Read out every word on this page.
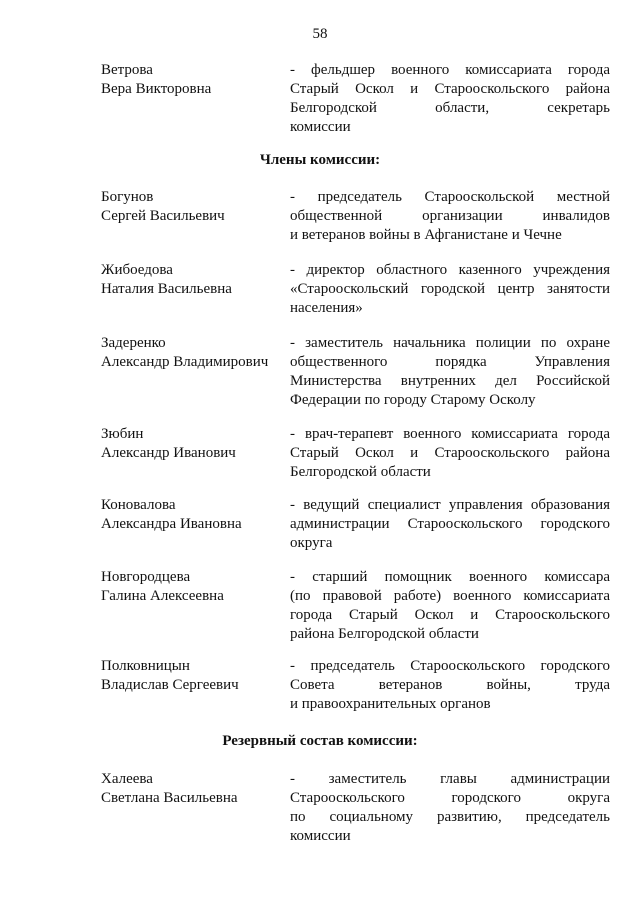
58
Ветрова
Вера Викторовна
- фельдшер военного комиссариата города
Старый Оскол и Старооскольского района
Белгородской области, секретарь
комиссии
Члены комиссии:
Богунов
Сергей Васильевич
- председатель Старооскольской местной
общественной организации инвалидов
и ветеранов войны в Афганистане и Чечне
Жибоедова
Наталия Васильевна
- директор областного казенного учреждения
«Старооскольский городской центр занятости
населения»
Задеренко
Александр Владимирович
- заместитель начальника полиции по охране
общественного порядка Управления
Министерства внутренних дел Российской
Федерации по городу Старому Осколу
Зюбин
Александр Иванович
- врач-терапевт военного комиссариата города
Старый Оскол и Старооскольского района
Белгородской области
Коновалова
Александра Ивановна
- ведущий специалист управления образования
администрации Старооскольского городского
округа
Новгородцева
Галина Алексеевна
- старший помощник военного комиссара
(по правовой работе) военного комиссариата
города Старый Оскол и Старооскольского
района Белгородской области
Полковницын
Владислав Сергеевич
- председатель Старооскольского городского
Совета ветеранов войны, труда
и правоохранительных органов
Резервный состав комиссии:
Халеева
Светлана Васильевна
- заместитель главы администрации
Старооскольского городского округа
по социальному развитию, председатель
комиссии
